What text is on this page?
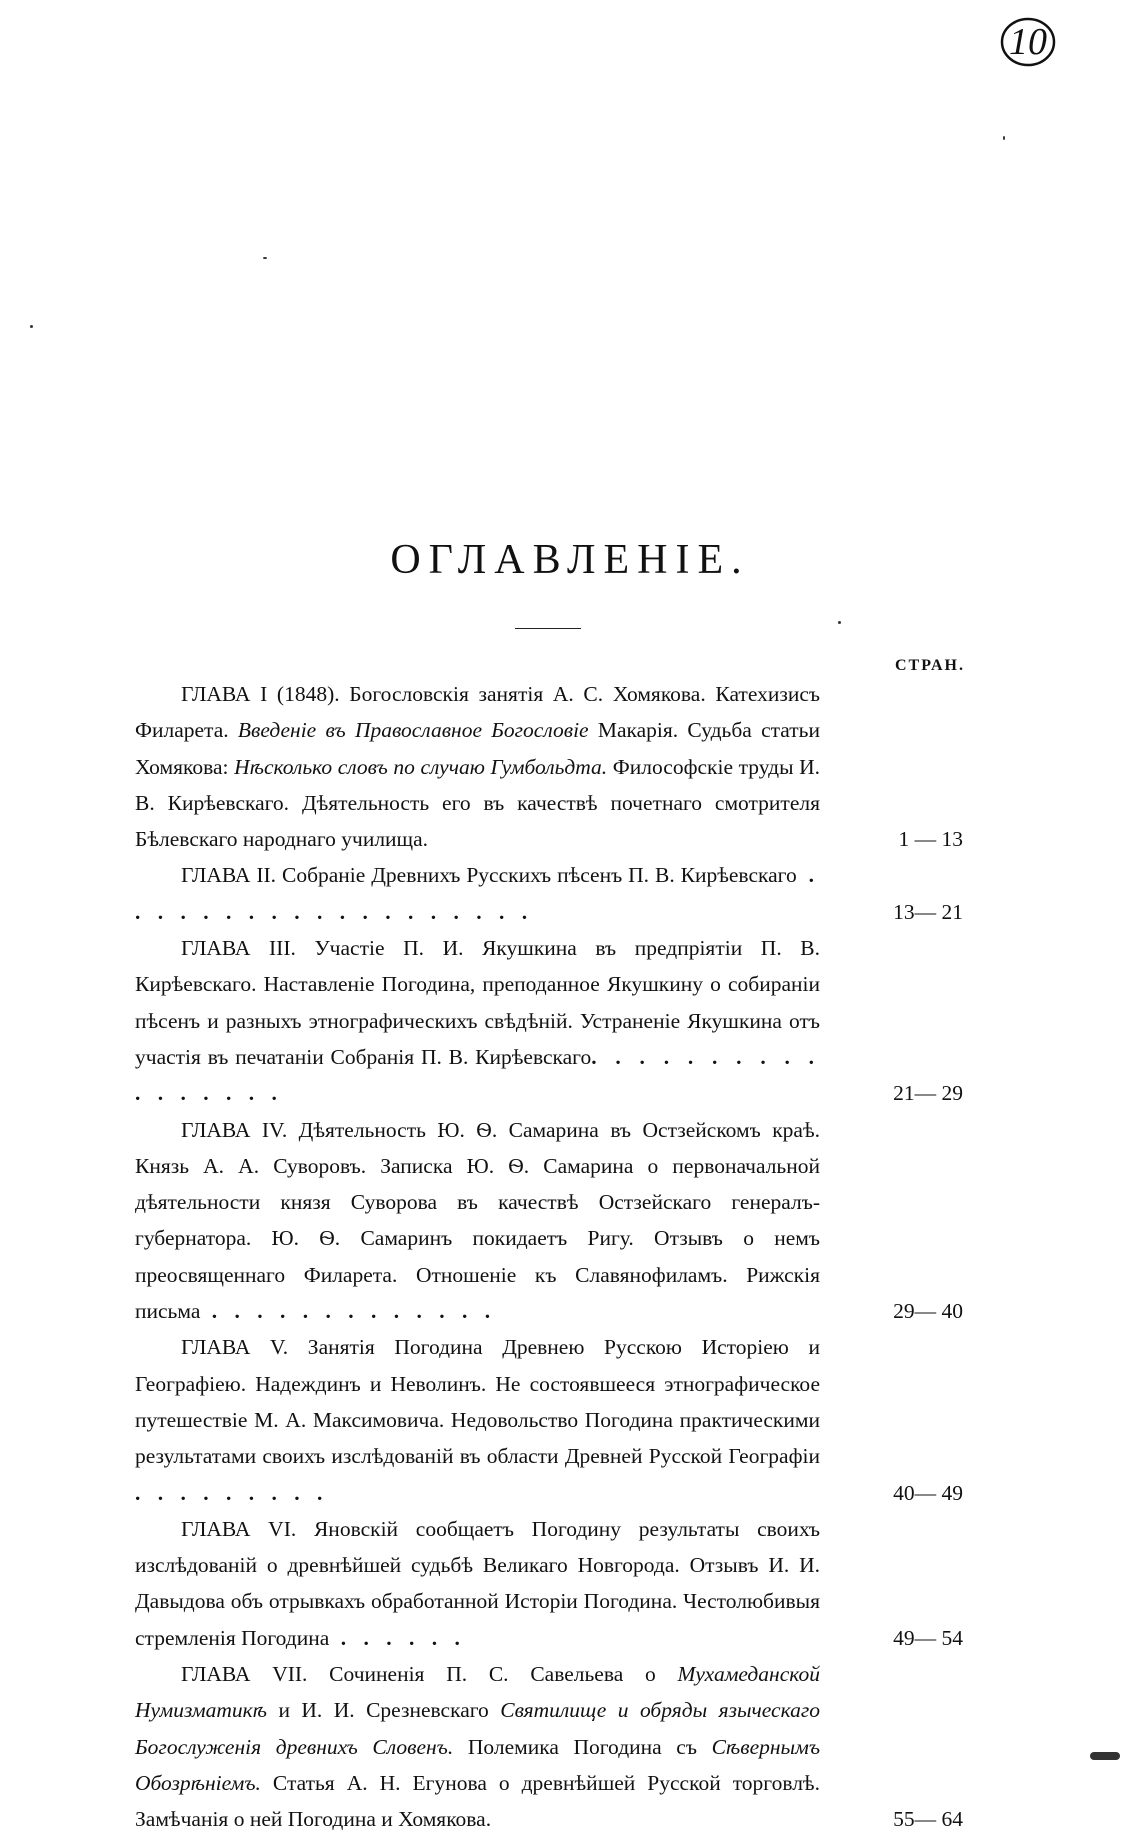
10
ОГЛАВЛЕНІЕ.
СТРАН.
ГЛАВА I (1848). Богословскія занятія А. С. Хомякова. Катехизисъ Филарета. Введеніе въ Православное Богословіе Макарія. Судьба статьи Хомякова: Нѣсколько словъ по случаю Гумбольдта. Философскіе труды И. В. Кирѣевскаго. Дѣятельность его въ качествѣ почетнаго смотрителя Бѣлевскаго народнаго училища.	1 — 13
ГЛАВА II. Собраніе Древнихъ Русскихъ пѣсенъ П. В. Кирѣевскаго . . . . . . . . . . . . . . . . . . .	13— 21
ГЛАВА III. Участіе П. И. Якушкина въ предпріятіи П. В. Кирѣевскаго. Наставленіе Погодина, преподанное Якушкину о собираніи пѣсенъ и разныхъ этнографическихъ свѣдѣній. Устраненіе Якушкина отъ участія въ печатаніи Собранія П. В. Кирѣевскаго. . . . . . . . . . . . . . . . .	21— 29
ГЛАВА IV. Дѣятельность Ю. Ѳ. Самарина въ Остзейскомъ краѣ. Князь А. А. Суворовъ. Записка Ю. Ѳ. Самарина о первоначальной дѣятельности князя Суворова въ качествѣ Остзейскаго генералъ-губернатора. Ю. Ѳ. Самаринъ покидаетъ Ригу. Отзывъ о немъ преосвященнаго Филарета. Отношеніе къ Славянофиламъ. Рижскія письма . . . . . . . . . . . . .	29— 40
ГЛАВА V. Занятія Погодина Древнею Русскою Исторіею и Географіею. Надеждинъ и Неволинъ. Не состоявшееся этнографическое путешествіе М. А. Максимовича. Недовольство Погодина практическими результатами своихъ изслѣдованій въ области Древней Русской Географіи . . . . . . . . .	40— 49
ГЛАВА VI. Яновскій сообщаетъ Погодину результаты своихъ изслѣдованій о древнѣйшей судьбѣ Великаго Новгорода. Отзывъ И. И. Давыдова объ отрывкахъ обработанной Исторіи Погодина. Честолюбивыя стремленія Погодина . . . . . .	49— 54
ГЛАВА VII. Сочиненія П. С. Савельева о Мухамеданской Нумизматикѣ и И. И. Срезневскаго Святилище и обряды языческаго Богослуженія древнихъ Словенъ. Полемика Погодина съ Сѣвернымъ Обозрѣніемъ. Статья А. Н. Егунова о древнѣйшей Русской торговлѣ. Замѣчанія о ней Погодина и Хомякова.	55— 64
